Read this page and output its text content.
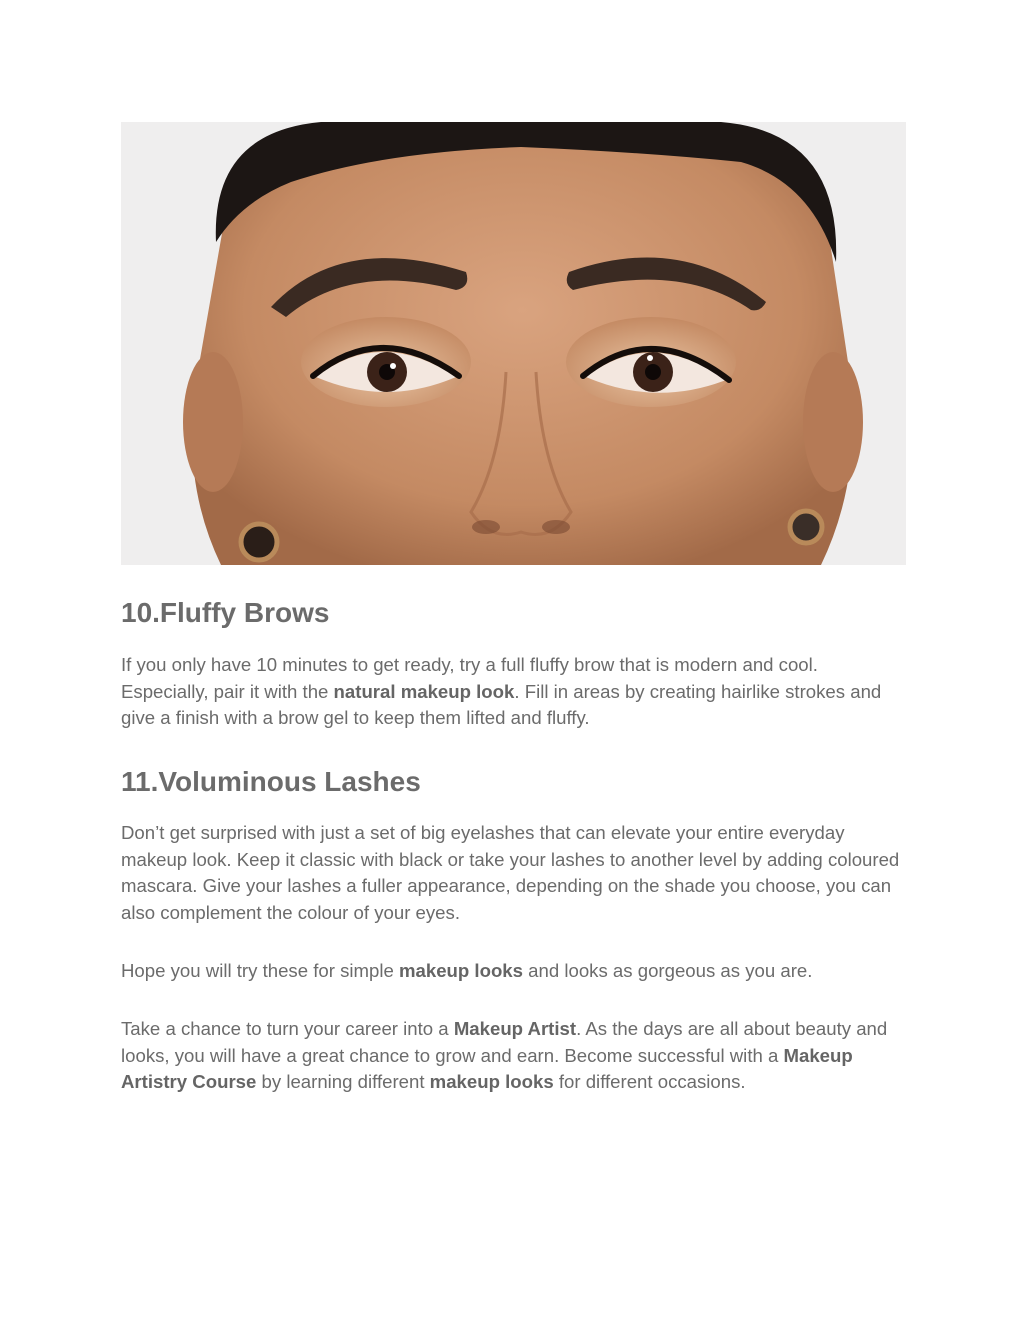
10.Fluffy Brows

If you only have 10 minutes to get ready, try a full fluffy brow that is modern and cool. Especially, pair it with the natural makeup look. Fill in areas by creating hairlike strokes and give a finish with a brow gel to keep them lifted and fluffy.

11.Voluminous Lashes

Don’t get surprised with just a set of big eyelashes that can elevate your entire everyday makeup look. Keep it classic with black or take your lashes to another level by adding coloured mascara. Give your lashes a fuller appearance, depending on the shade you choose, you can also complement the colour of your eyes.

Hope you will try these for simple makeup looks and looks as gorgeous as you are.

Take a chance to turn your career into a Makeup Artist. As the days are all about beauty and looks, you will have a great chance to grow and earn. Become successful with a Makeup Artistry Course by learning different makeup looks for different occasions.
